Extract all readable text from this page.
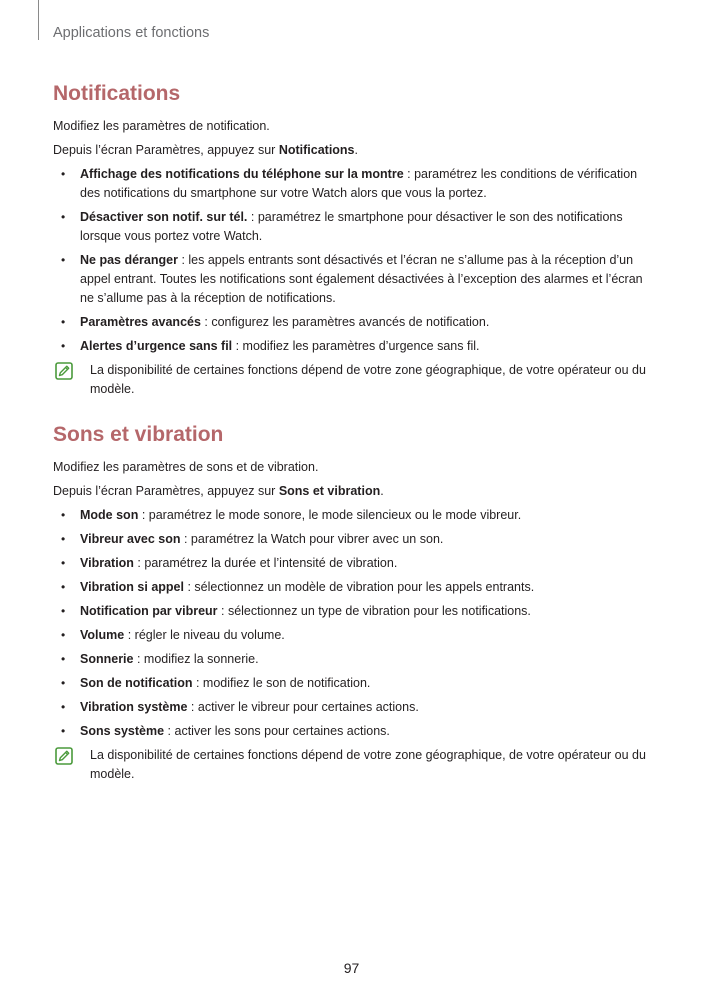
Applications et fonctions
Notifications

Modifiez les paramètres de notification.

Depuis l’écran Paramètres, appuyez sur Notifications.

• Affichage des notifications du téléphone sur la montre : paramétrez les conditions de vérification des notifications du smartphone sur votre Watch alors que vous la portez.
• Désactiver son notif. sur tél. : paramétrez le smartphone pour désactiver le son des notifications lorsque vous portez votre Watch.
• Ne pas déranger : les appels entrants sont désactivés et l’écran ne s’allume pas à la réception d’un appel entrant. Toutes les notifications sont également désactivées à l’exception des alarmes et l’écran ne s’allume pas à la réception de notifications.
• Paramètres avancés : configurez les paramètres avancés de notification.
• Alertes d’urgence sans fil : modifiez les paramètres d’urgence sans fil.
La disponibilité de certaines fonctions dépend de votre zone géographique, de votre opérateur ou du modèle.
Sons et vibration

Modifiez les paramètres de sons et de vibration.

Depuis l’écran Paramètres, appuyez sur Sons et vibration.

• Mode son : paramétrez le mode sonore, le mode silencieux ou le mode vibreur.
• Vibreur avec son : paramétrez la Watch pour vibrer avec un son.
• Vibration : paramétrez la durée et l’intensité de vibration.
• Vibration si appel : sélectionnez un modèle de vibration pour les appels entrants.
• Notification par vibreur : sélectionnez un type de vibration pour les notifications.
• Volume : régler le niveau du volume.
• Sonnerie : modifiez la sonnerie.
• Son de notification : modifiez le son de notification.
• Vibration système : activer le vibreur pour certaines actions.
• Sons système : activer les sons pour certaines actions.
La disponibilité de certaines fonctions dépend de votre zone géographique, de votre opérateur ou du modèle.
97
